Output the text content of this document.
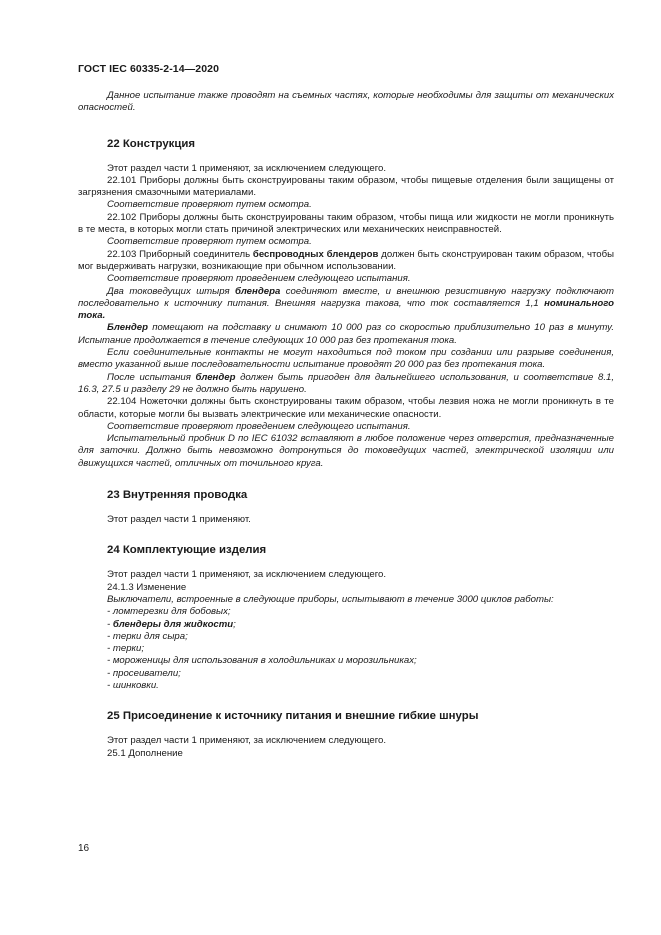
ГОСТ IEC 60335-2-14—2020

Данное испытание также проводят на съемных частях, которые необходимы для защиты от механических опасностей.

22 Конструкция

Этот раздел части 1 применяют, за исключением следующего.

22.101 Приборы должны быть сконструированы таким образом, чтобы пищевые отделения были защищены от загрязнения смазочными материалами.

Соответствие проверяют путем осмотра.

22.102 Приборы должны быть сконструированы таким образом, чтобы пища или жидкости не могли проникнуть в те места, в которых могли стать причиной электрических или механических неисправностей.

Соответствие проверяют путем осмотра.

22.103 Приборный соединитель беспроводных блендеров должен быть сконструирован таким образом, чтобы мог выдерживать нагрузки, возникающие при обычном использовании.

Соответствие проверяют проведением следующего испытания.

Два токоведущих штыря блендера соединяют вместе, и внешнюю резистивную нагрузку подключают последовательно к источнику питания. Внешняя нагрузка такова, что ток составляется 1,1 номинального тока.

Блендер помещают на подставку и снимают 10 000 раз со скоростью приблизительно 10 раз в минуту. Испытание продолжается в течение следующих 10 000 раз без протекания тока.

Если соединительные контакты не могут находиться под током при создании или разрыве соединения, вместо указанной выше последовательности испытание проводят 20 000 раз без протекания тока.

После испытания блендер должен быть пригоден для дальнейшего использования, и соответствие 8.1, 16.3, 27.5 и разделу 29 не должно быть нарушено.

22.104 Ножеточки должны быть сконструированы таким образом, чтобы лезвия ножа не могли проникнуть в те области, которые могли бы вызвать электрические или механические опасности.

Соответствие проверяют проведением следующего испытания.

Испытательный пробник D по IEC 61032 вставляют в любое положение через отверстия, предназначенные для заточки. Должно быть невозможно дотронуться до токоведущих частей, электрической изоляции или движущихся частей, отличных от точильного круга.

23 Внутренняя проводка

Этот раздел части 1 применяют.

24 Комплектующие изделия

Этот раздел части 1 применяют, за исключением следующего.

24.1.3 Изменение

Выключатели, встроенные в следующие приборы, испытывают в течение 3000 циклов работы:

- ломтерезки для бобовых;
- блендеры для жидкости;
- терки для сыра;
- терки;
- мороженицы для использования в холодильниках и морозильниках;
- просеиватели;
- шинковки.
25 Присоединение к источнику питания и внешние гибкие шнуры

Этот раздел части 1 применяют, за исключением следующего.

25.1 Дополнение

16
